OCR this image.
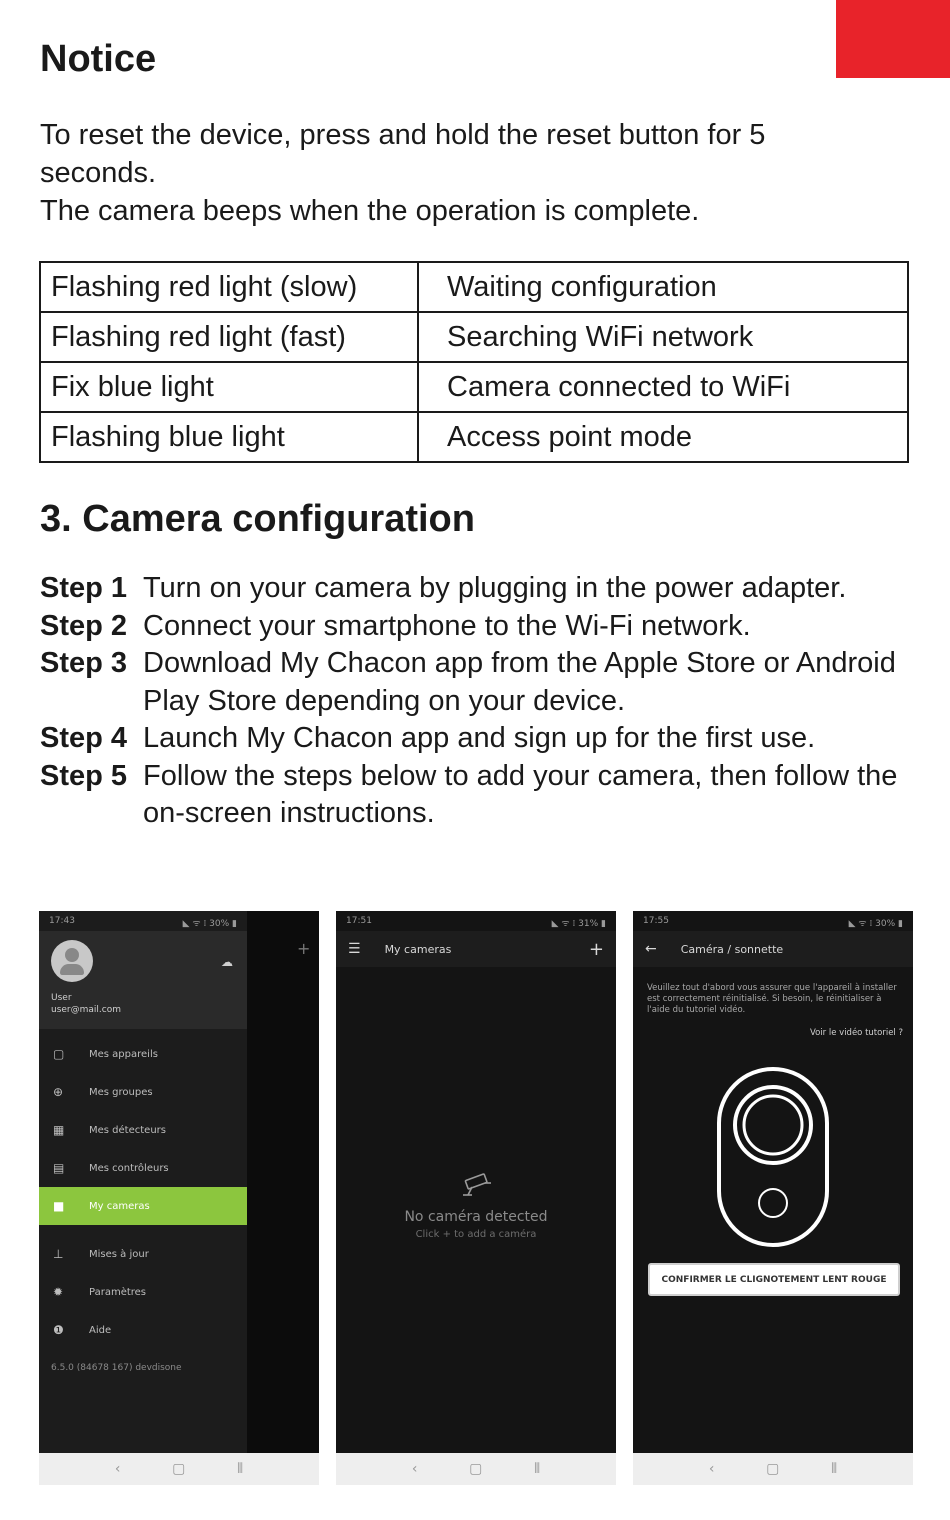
Notice
To reset the device, press and hold the reset button for 5 seconds.
The camera beeps when the operation is complete.
Flashing red light (slow)	Waiting configuration
Flashing red light (fast)	Searching WiFi network
Fix blue light	Camera connected to WiFi
Flashing blue light	Access point mode
3. Camera configuration
Step 1 Turn on your camera by plugging in the power adapter.
Step 2 Connect your smartphone to the Wi-Fi network.
Step 3 Download My Chacon app from the Apple Store or Android Play Store depending on your device.
Step 4 Launch My Chacon app and sign up for the first use.
Step 5 Follow the steps below to add your camera, then follow the on-screen instructions.
17:43	◣ ᯤ ⁞ 30% ▮
☁
User
user@mail.com
+
▢	Mes appareils
⊕	Mes groupes
▦	Mes détecteurs
▤	Mes contrôleurs
■	My cameras
⊥	Mises à jour
✹	Paramètres
❶	Aide
6.5.0 (84678 167) devdisone
‹	▢	⦀
17:51	◣ ᯤ ⁞ 31% ▮
☰ My cameras	+
No caméra detected
Click + to add a caméra
‹	▢	⦀
17:55	◣ ᯤ ⁞ 30% ▮
← Caméra / sonnette
Veuillez tout d'abord vous assurer que l'appareil à installer est correctement réinitialisé. Si besoin, le réinitialiser à l'aide du tutoriel vidéo.
Voir le vidéo tutoriel ?
CONFIRMER LE CLIGNOTEMENT LENT ROUGE
‹	▢	⦀
